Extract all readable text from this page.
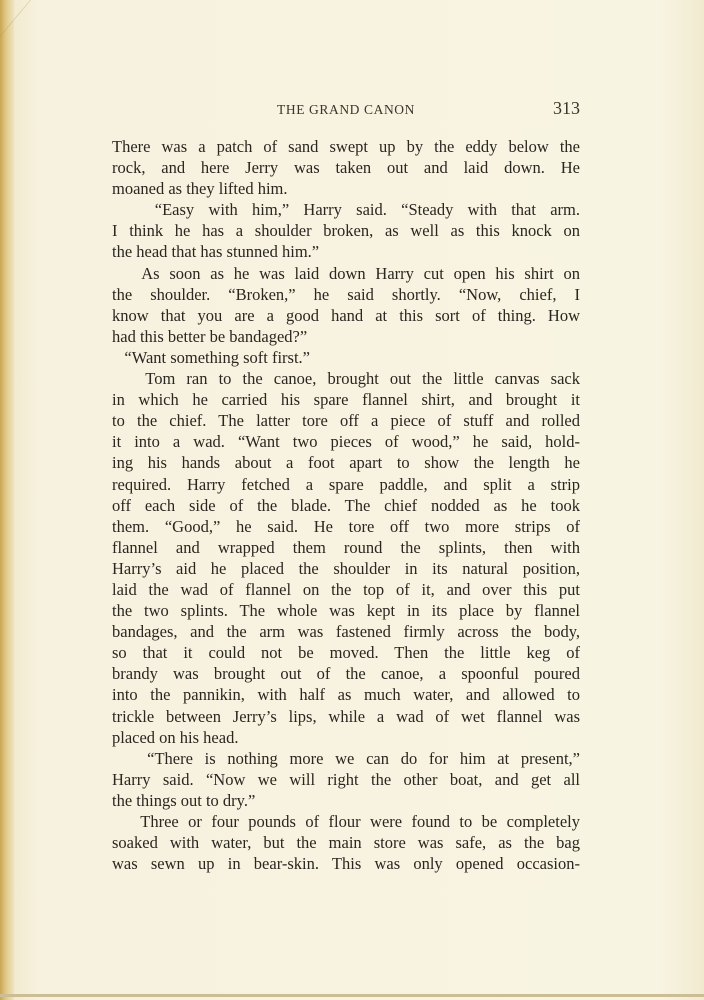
THE GRAND CANON	313
There was a patch of sand swept up by the eddy below the
rock, and here Jerry was taken out and laid down. He
moaned as they lifted him.
“Easy with him,” Harry said. “Steady with that arm.
I think he has a shoulder broken, as well as this knock on
the head that has stunned him.”
As soon as he was laid down Harry cut open his shirt on
the shoulder. “Broken,” he said shortly. “Now, chief, I
know that you are a good hand at this sort of thing. How
had this better be bandaged?”
“Want something soft first.”
Tom ran to the canoe, brought out the little canvas sack
in which he carried his spare flannel shirt, and brought it
to the chief. The latter tore off a piece of stuff and rolled
it into a wad. “Want two pieces of wood,” he said, hold-
ing his hands about a foot apart to show the length he
required. Harry fetched a spare paddle, and split a strip
off each side of the blade. The chief nodded as he took
them. “Good,” he said. He tore off two more strips of
flannel and wrapped them round the splints, then with
Harry’s aid he placed the shoulder in its natural position,
laid the wad of flannel on the top of it, and over this put
the two splints. The whole was kept in its place by flannel
bandages, and the arm was fastened firmly across the body,
so that it could not be moved. Then the little keg of
brandy was brought out of the canoe, a spoonful poured
into the pannikin, with half as much water, and allowed to
trickle between Jerry’s lips, while a wad of wet flannel was
placed on his head.
“There is nothing more we can do for him at present,”
Harry said. “Now we will right the other boat, and get all
the things out to dry.”
Three or four pounds of flour were found to be completely
soaked with water, but the main store was safe, as the bag
was sewn up in bear-skin. This was only opened occasion-
